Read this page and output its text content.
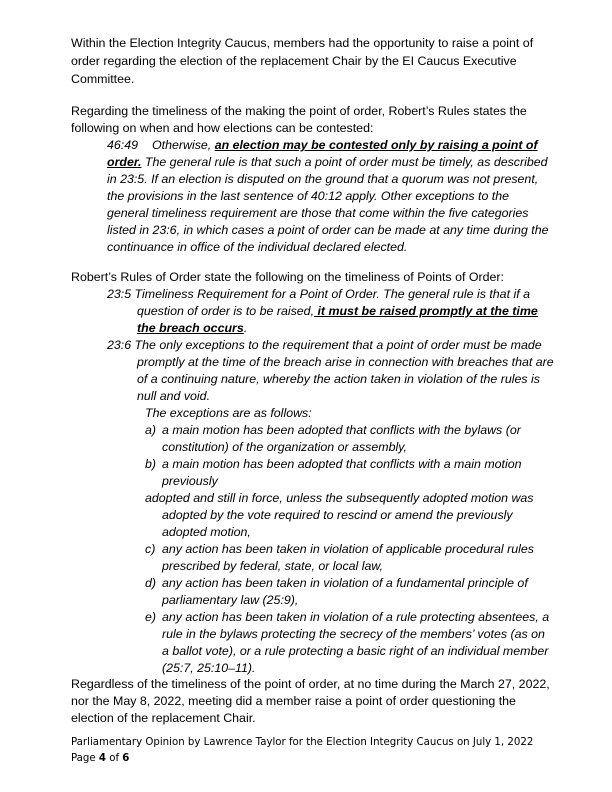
Within the Election Integrity Caucus, members had the opportunity to raise a point of
order regarding the election of the replacement Chair by the EI Caucus Executive
Committee.
Regarding the timeliness of the making the point of order, Robert’s Rules states the
following on when and how elections can be contested:
46:49 Otherwise, an election may be contested only by raising a point of
order. The general rule is that such a point of order must be timely, as described
in 23:5. If an election is disputed on the ground that a quorum was not present,
the provisions in the last sentence of 40:12 apply. Other exceptions to the
general timeliness requirement are those that come within the five categories
listed in 23:6, in which cases a point of order can be made at any time during the
continuance in office of the individual declared elected.
Robert’s Rules of Order state the following on the timeliness of Points of Order:
23:5 Timeliness Requirement for a Point of Order. The general rule is that if a
question of order is to be raised, it must be raised promptly at the time
the breach occurs.
23:6 The only exceptions to the requirement that a point of order must be made
promptly at the time of the breach arise in connection with breaches that are
of a continuing nature, whereby the action taken in violation of the rules is
null and void.
The exceptions are as follows:
a) a main motion has been adopted that conflicts with the bylaws (or
constitution) of the organization or assembly,
b) a main motion has been adopted that conflicts with a main motion
previously
adopted and still in force, unless the subsequently adopted motion was
adopted by the vote required to rescind or amend the previously
adopted motion,
c) any action has been taken in violation of applicable procedural rules
prescribed by federal, state, or local law,
d) any action has been taken in violation of a fundamental principle of
parliamentary law (25:9),
e) any action has been taken in violation of a rule protecting absentees, a
rule in the bylaws protecting the secrecy of the members’ votes (as on
a ballot vote), or a rule protecting a basic right of an individual member
(25:7, 25:10–11).
Regardless of the timeliness of the point of order, at no time during the March 27, 2022,
nor the May 8, 2022, meeting did a member raise a point of order questioning the
election of the replacement Chair.
Parliamentary Opinion by Lawrence Taylor for the Election Integrity Caucus on July 1, 2022
Page 4 of 6
